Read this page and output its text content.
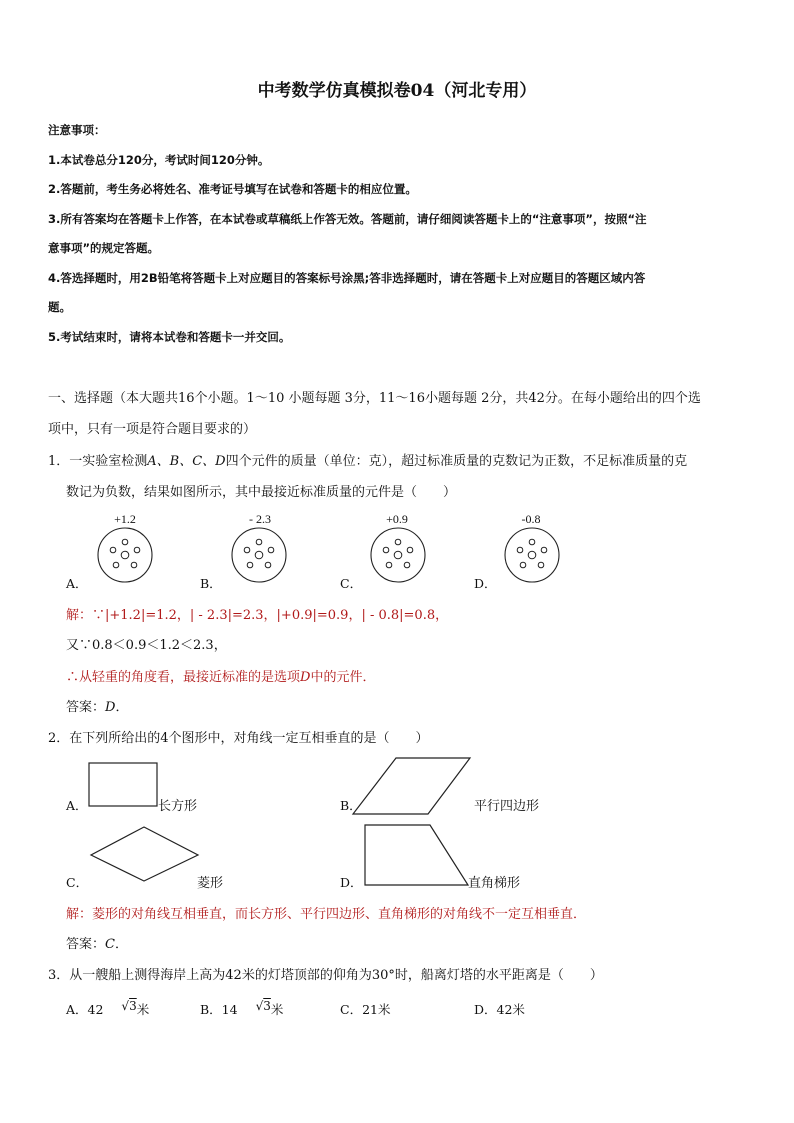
中考数学仿真模拟卷04（河北专用）
注意事项：
1.本试卷总分120分，考试时间120分钟。
2.答题前，考生务必将姓名、准考证号填写在试卷和答题卡的相应位置。
3.所有答案均在答题卡上作答，在本试卷或草稿纸上作答无效。答题前，请仔细阅读答题卡上的“注意事项”，按照“注
意事项”的规定答题。
4.答选择题时，用2B铅笔将答题卡上对应题目的答案标号涂黑;答非选择题时，请在答题卡上对应题目的答题区域内答
题。
5.考试结束时，请将本试卷和答题卡一并交回。
一、选择题（本大题共16个小题。1～10 小题每题 3分，11～16小题每题 2分，共42分。在每小题给出的四个选
项中，只有一项是符合题目要求的）
1．一实验室检测A、B、C、D四个元件的质量（单位：克），超过标准质量的克数记为正数，不足标准质量的克
数记为负数，结果如图所示，其中最接近标准质量的元件是（　　）
+1.2	- 2.3	+0.9	-0.8
A．	B．	C．	D．
解：∵|+1.2|=1.2，| - 2.3|=2.3，|+0.9|=0.9，| - 0.8|=0.8，
又∵0.8＜0.9＜1.2＜2.3，
∴从轻重的角度看，最接近标准的是选项D中的元件．
答案：D．
2．在下列所给出的4个图形中，对角线一定互相垂直的是（　　）
A．	长方形	B．	平行四边形
C．	菱形	D．	直角梯形
解：菱形的对角线互相垂直，而长方形、平行四边形、直角梯形的对角线不一定互相垂直．
答案：C．
3．从一艘船上测得海岸上高为42米的灯塔顶部的仰角为30°时，船离灯塔的水平距离是（　　）
A．42 √3米	B．14 √3米	C．21米	D．42米
